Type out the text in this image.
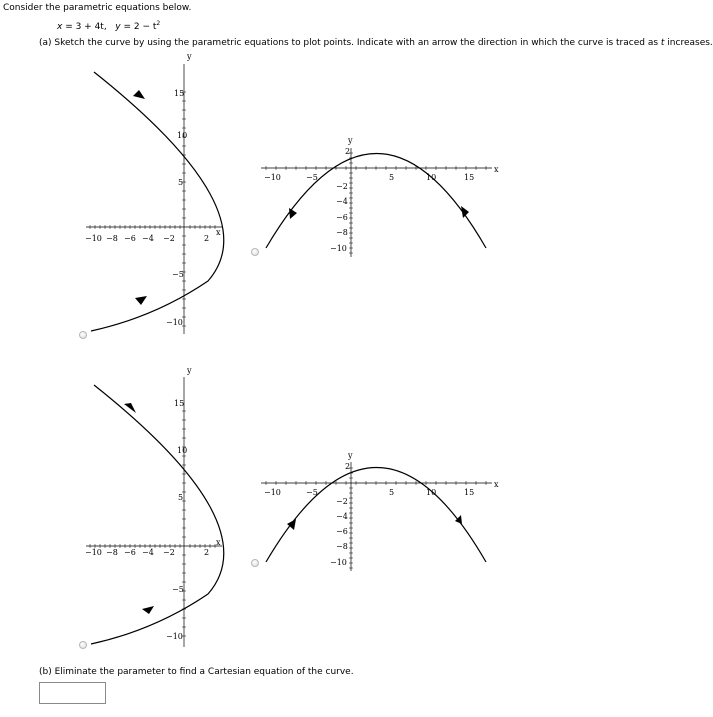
Consider the parametric equations below.
x = 3 + 4t, $y = 2 - t^2$
(a) Sketch the curve by using the parametric equations to plot points. Indicate with an arrow the direction in which the curve is traced as t increases.
−10 −8 −6 −4 −2	2
15
10
5
−5
−10
y
x
−10	−5	5	10	15
2
−2
−4
−6
−8
−10
y
x
−10 −8 −6 −4 −2	2
15
10
5
−5
−10
y
x
−10	−5	5	10	15
2
−2
−4
−6
−8
−10
y
x
(b) Eliminate the parameter to find a Cartesian equation of the curve.
